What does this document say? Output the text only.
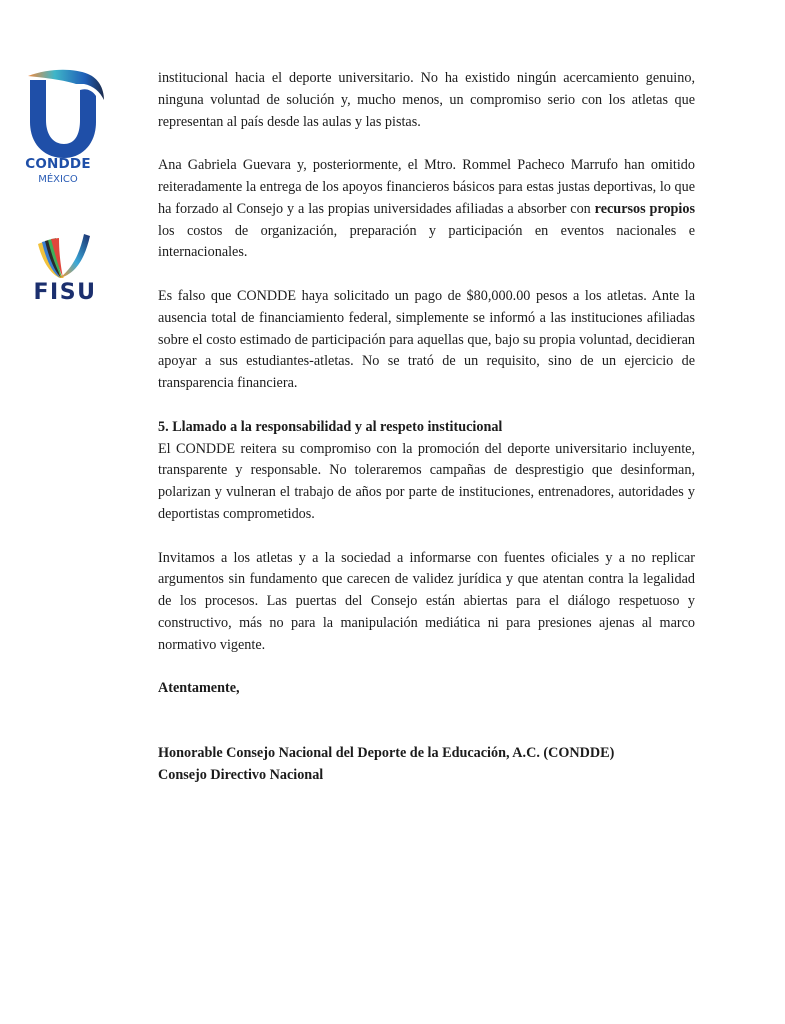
CONDDE
MÉXICO
FISU

institucional hacia el deporte universitario. No ha existido ningún acercamiento genuino, ninguna voluntad de solución y, mucho menos, un compromiso serio con los atletas que representan al país desde las aulas y las pistas.

Ana Gabriela Guevara y, posteriormente, el Mtro. Rommel Pacheco Marrufo han omitido reiteradamente la entrega de los apoyos financieros básicos para estas justas deportivas, lo que ha forzado al Consejo y a las propias universidades afiliadas a absorber con recursos propios los costos de organización, preparación y participación en eventos nacionales e internacionales.

Es falso que CONDDE haya solicitado un pago de $80,000.00 pesos a los atletas. Ante la ausencia total de financiamiento federal, simplemente se informó a las instituciones afiliadas sobre el costo estimado de participación para aquellas que, bajo su propia voluntad, decidieran apoyar a sus estudiantes-atletas. No se trató de un requisito, sino de un ejercicio de transparencia financiera.

5. Llamado a la responsabilidad y al respeto institucional

El CONDDE reitera su compromiso con la promoción del deporte universitario incluyente, transparente y responsable. No toleraremos campañas de desprestigio que desinforman, polarizan y vulneran el trabajo de años por parte de instituciones, entrenadores, autoridades y deportistas comprometidos.

Invitamos a los atletas y a la sociedad a informarse con fuentes oficiales y a no replicar argumentos sin fundamento que carecen de validez jurídica y que atentan contra la legalidad de los procesos. Las puertas del Consejo están abiertas para el diálogo respetuoso y constructivo, más no para la manipulación mediática ni para presiones ajenas al marco normativo vigente.

Atentamente,

Honorable Consejo Nacional del Deporte de la Educación, A.C. (CONDDE)

Consejo Directivo Nacional
